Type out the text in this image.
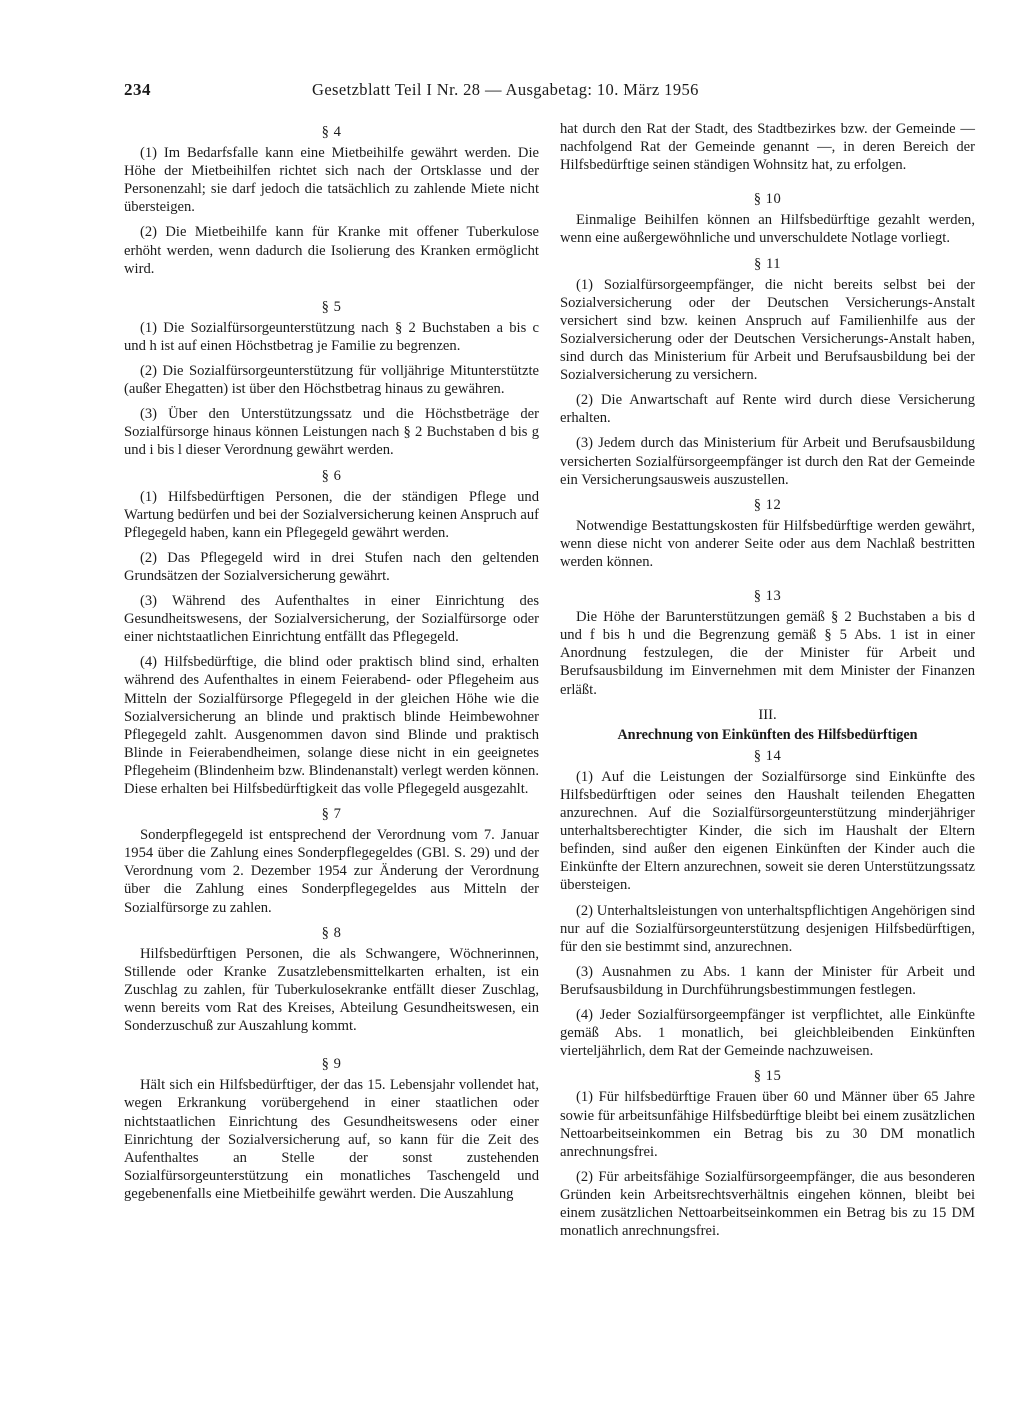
234	Gesetzblatt Teil I Nr. 28 — Ausgabetag: 10. März 1956
§ 4

(1) Im Bedarfsfalle kann eine Mietbeihilfe gewährt werden. Die Höhe der Mietbeihilfen richtet sich nach der Ortsklasse und der Personenzahl; sie darf jedoch die tatsächlich zu zahlende Miete nicht übersteigen.

(2) Die Mietbeihilfe kann für Kranke mit offener Tuberkulose erhöht werden, wenn dadurch die Isolierung des Kranken ermöglicht wird.

§ 5

(1) Die Sozialfürsorgeunterstützung nach § 2 Buchstaben a bis c und h ist auf einen Höchstbetrag je Familie zu begrenzen.

(2) Die Sozialfürsorgeunterstützung für volljährige Mitunterstützte (außer Ehegatten) ist über den Höchstbetrag hinaus zu gewähren.

(3) Über den Unterstützungssatz und die Höchstbeträge der Sozialfürsorge hinaus können Leistungen nach § 2 Buchstaben d bis g und i bis l dieser Verordnung gewährt werden.

§ 6

(1) Hilfsbedürftigen Personen, die der ständigen Pflege und Wartung bedürfen und bei der Sozialversicherung keinen Anspruch auf Pflegegeld haben, kann ein Pflegegeld gewährt werden.

(2) Das Pflegegeld wird in drei Stufen nach den geltenden Grundsätzen der Sozialversicherung gewährt.

(3) Während des Aufenthaltes in einer Einrichtung des Gesundheitswesens, der Sozialversicherung, der Sozialfürsorge oder einer nichtstaatlichen Einrichtung entfällt das Pflegegeld.

(4) Hilfsbedürftige, die blind oder praktisch blind sind, erhalten während des Aufenthaltes in einem Feierabend- oder Pflegeheim aus Mitteln der Sozialfürsorge Pflegegeld in der gleichen Höhe wie die Sozialversicherung an blinde und praktisch blinde Heimbewohner Pflegegeld zahlt. Ausgenommen davon sind Blinde und praktisch Blinde in Feierabendheimen, solange diese nicht in ein geeignetes Pflegeheim (Blindenheim bzw. Blindenanstalt) verlegt werden können. Diese erhalten bei Hilfsbedürftigkeit das volle Pflegegeld ausgezahlt.

§ 7

Sonderpflegegeld ist entsprechend der Verordnung vom 7. Januar 1954 über die Zahlung eines Sonderpflegegeldes (GBl. S. 29) und der Verordnung vom 2. Dezember 1954 zur Änderung der Verordnung über die Zahlung eines Sonderpflegegeldes aus Mitteln der Sozialfürsorge zu zahlen.

§ 8

Hilfsbedürftigen Personen, die als Schwangere, Wöchnerinnen, Stillende oder Kranke Zusatzlebensmittelkarten erhalten, ist ein Zuschlag zu zahlen, für Tuberkulosekranke entfällt dieser Zuschlag, wenn bereits vom Rat des Kreises, Abteilung Gesundheitswesen, ein Sonderzuschuß zur Auszahlung kommt.

§ 9

Hält sich ein Hilfsbedürftiger, der das 15. Lebensjahr vollendet hat, wegen Erkrankung vorübergehend in einer staatlichen oder nichtstaatlichen Einrichtung des Gesundheitswesens oder einer Einrichtung der Sozialversicherung auf, so kann für die Zeit des Aufenthaltes an Stelle der sonst zustehenden Sozialfürsorgeunterstützung ein monatliches Taschengeld und gegebenenfalls eine Mietbeihilfe gewährt werden. Die Auszahlung

hat durch den Rat der Stadt, des Stadtbezirkes bzw. der Gemeinde — nachfolgend Rat der Gemeinde genannt —, in deren Bereich der Hilfsbedürftige seinen ständigen Wohnsitz hat, zu erfolgen.

§ 10

Einmalige Beihilfen können an Hilfsbedürftige gezahlt werden, wenn eine außergewöhnliche und unverschuldete Notlage vorliegt.

§ 11

(1) Sozialfürsorgeempfänger, die nicht bereits selbst bei der Sozialversicherung oder der Deutschen Versicherungs-Anstalt versichert sind bzw. keinen Anspruch auf Familienhilfe aus der Sozialversicherung oder der Deutschen Versicherungs-Anstalt haben, sind durch das Ministerium für Arbeit und Berufsausbildung bei der Sozialversicherung zu versichern.

(2) Die Anwartschaft auf Rente wird durch diese Versicherung erhalten.

(3) Jedem durch das Ministerium für Arbeit und Berufsausbildung versicherten Sozialfürsorgeempfänger ist durch den Rat der Gemeinde ein Versicherungsausweis auszustellen.

§ 12

Notwendige Bestattungskosten für Hilfsbedürftige werden gewährt, wenn diese nicht von anderer Seite oder aus dem Nachlaß bestritten werden können.

§ 13

Die Höhe der Barunterstützungen gemäß § 2 Buchstaben a bis d und f bis h und die Begrenzung gemäß § 5 Abs. 1 ist in einer Anordnung festzulegen, die der Minister für Arbeit und Berufsausbildung im Einvernehmen mit dem Minister der Finanzen erläßt.

III.
Anrechnung von Einkünften des Hilfsbedürftigen
§ 14

(1) Auf die Leistungen der Sozialfürsorge sind Einkünfte des Hilfsbedürftigen oder seines den Haushalt teilenden Ehegatten anzurechnen. Auf die Sozialfürsorgeunterstützung minderjähriger unterhaltsberechtigter Kinder, die sich im Haushalt der Eltern befinden, sind außer den eigenen Einkünften der Kinder auch die Einkünfte der Eltern anzurechnen, soweit sie deren Unterstützungssatz übersteigen.

(2) Unterhaltsleistungen von unterhaltspflichtigen Angehörigen sind nur auf die Sozialfürsorgeunterstützung desjenigen Hilfsbedürftigen, für den sie bestimmt sind, anzurechnen.

(3) Ausnahmen zu Abs. 1 kann der Minister für Arbeit und Berufsausbildung in Durchführungsbestimmungen festlegen.

(4) Jeder Sozialfürsorgeempfänger ist verpflichtet, alle Einkünfte gemäß Abs. 1 monatlich, bei gleichbleibenden Einkünften vierteljährlich, dem Rat der Gemeinde nachzuweisen.

§ 15

(1) Für hilfsbedürftige Frauen über 60 und Männer über 65 Jahre sowie für arbeitsunfähige Hilfsbedürftige bleibt bei einem zusätzlichen Nettoarbeitseinkommen ein Betrag bis zu 30 DM monatlich anrechnungsfrei.

(2) Für arbeitsfähige Sozialfürsorgeempfänger, die aus besonderen Gründen kein Arbeitsrechtsverhältnis eingehen können, bleibt bei einem zusätzlichen Nettoarbeitseinkommen ein Betrag bis zu 15 DM monatlich anrechnungsfrei.
